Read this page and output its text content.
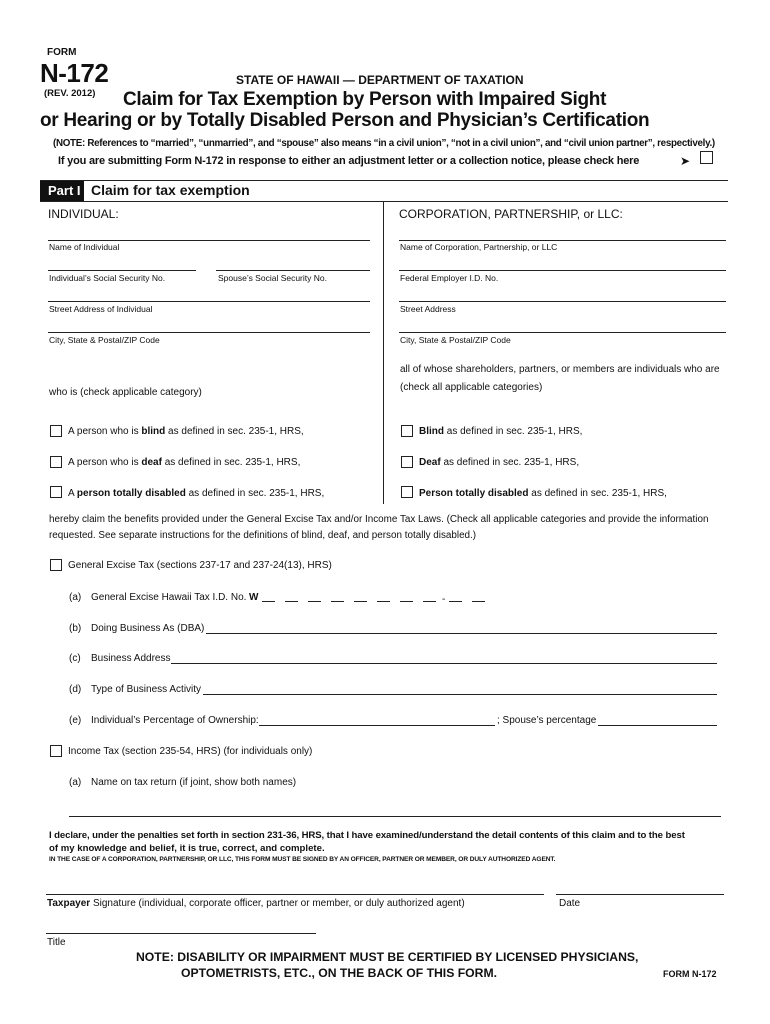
FORM
N-172
(REV. 2012)
STATE OF HAWAII — DEPARTMENT OF TAXATION
Claim for Tax Exemption by Person with Impaired Sight
or Hearing or by Totally Disabled Person and Physician’s Certification
(NOTE: References to “married”, “unmarried”, and “spouse” also means “in a civil union”, “not in a civil union”, and “civil union partner”, respectively.)
If you are submitting Form N-172 in response to either an adjustment letter or a collection notice, please check here	➤
Part I Claim for tax exemption
INDIVIDUAL:
Name of Individual
Individual’s Social Security No.	Spouse’s Social Security No.
Street Address of Individual
City, State & Postal/ZIP Code
who is (check applicable category)
A person who is blind as defined in sec. 235-1, HRS,
A person who is deaf as defined in sec. 235-1, HRS,
A person totally disabled as defined in sec. 235-1, HRS,
CORPORATION, PARTNERSHIP, or LLC:
Name of Corporation, Partnership, or LLC
Federal Employer I.D. No.
Street Address
City, State & Postal/ZIP Code
all of whose shareholders, partners, or members are individuals who are
(check all applicable categories)
Blind as defined in sec. 235-1, HRS,
Deaf as defined in sec. 235-1, HRS,
Person totally disabled as defined in sec. 235-1, HRS,
hereby claim the benefits provided under the General Excise Tax and/or Income Tax Laws. (Check all applicable categories and provide the information
requested. See separate instructions for the definitions of blind, deaf, and person totally disabled.)
General Excise Tax (sections 237-17 and 237-24(13), HRS)
(a) General Excise Hawaii Tax I.D. No. W	-
(b) Doing Business As (DBA)
(c) Business Address
(d) Type of Business Activity
(e) Individual’s Percentage of Ownership:	; Spouse’s percentage
Income Tax (section 235-54, HRS) (for individuals only)
(a) Name on tax return (if joint, show both names)
I declare, under the penalties set forth in section 231-36, HRS, that I have examined/understand the detail contents of this claim and to the best
of my knowledge and belief, it is true, correct, and complete.
IN THE CASE OF A CORPORATION, PARTNERSHIP, OR LLC, THIS FORM MUST BE SIGNED BY AN OFFICER, PARTNER OR MEMBER, OR DULY AUTHORIZED AGENT.
Taxpayer Signature (individual, corporate officer, partner or member, or duly authorized agent)	Date
Title
NOTE: DISABILITY OR IMPAIRMENT MUST BE CERTIFIED BY LICENSED PHYSICIANS,
OPTOMETRISTS, ETC., ON THE BACK OF THIS FORM.	FORM N-172
